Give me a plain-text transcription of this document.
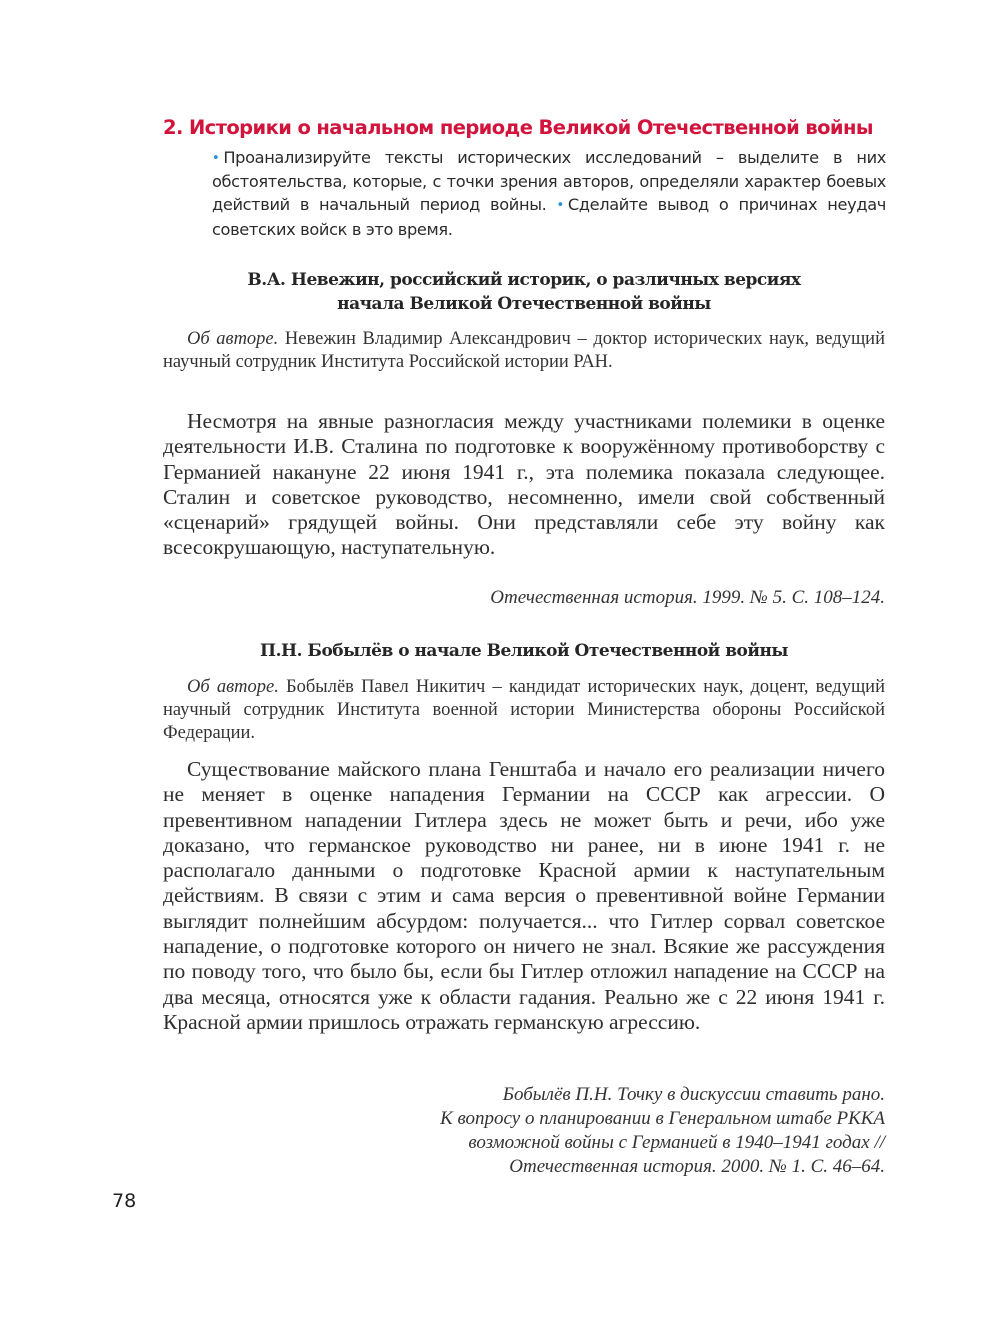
2. Историки о начальном периоде Великой Отечественной войны
• Проанализируйте тексты исторических исследований – выделите в них обстоятельства, которые, с точки зрения авторов, определяли характер боевых действий в начальный период войны. • Сделайте вывод о причинах неудач советских войск в это время.
В.А. Невежин, российский историк, о различных версиях
начала Великой Отечественной войны
Об авторе. Невежин Владимир Александрович – доктор исторических наук, ведущий научный сотрудник Института Российской истории РАН.
Несмотря на явные разногласия между участниками полемики в оценке деятельности И.В. Сталина по подготовке к вооружённому противоборству с Германией накануне 22 июня 1941 г., эта полемика показала следующее. Сталин и советское руководство, несомненно, имели свой собственный «сценарий» грядущей войны. Они представляли себе эту войну как всесокрушающую, наступательную.
Отечественная история. 1999. № 5. С. 108–124.
П.Н. Бобылёв о начале Великой Отечественной войны
Об авторе. Бобылёв Павел Никитич – кандидат исторических наук, доцент, ведущий научный сотрудник Института военной истории Министерства обороны Российской Федерации.
Существование майского плана Генштаба и начало его реализации ничего не меняет в оценке нападения Германии на СССР как агрессии. О превентивном нападении Гитлера здесь не может быть и речи, ибо уже доказано, что германское руководство ни ранее, ни в июне 1941 г. не располагало данными о подготовке Красной армии к наступательным действиям. В связи с этим и сама версия о превентивной войне Германии выглядит полнейшим абсурдом: получается... что Гитлер сорвал советское нападение, о подготовке которого он ничего не знал. Всякие же рассуждения по поводу того, что было бы, если бы Гитлер отложил нападение на СССР на два месяца, относятся уже к области гадания. Реально же с 22 июня 1941 г. Красной армии пришлось отражать германскую агрессию.
Бобылёв П.Н. Точку в дискуссии ставить рано.
К вопросу о планировании в Генеральном штабе РККА
возможной войны с Германией в 1940–1941 годах //
Отечественная история. 2000. № 1. С. 46–64.
78
